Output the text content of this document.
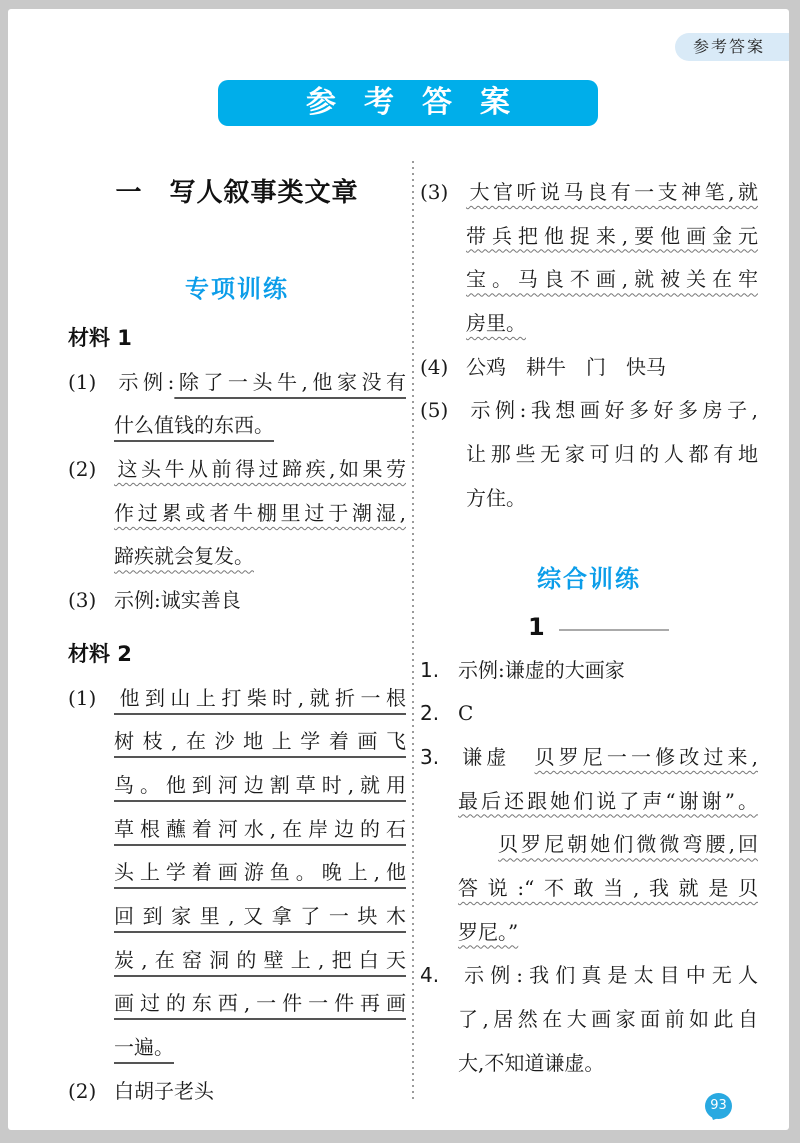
参考答案
参考答案
一　写人叙事类文章
专项训练
材料 1
(1) 示例:除了一头牛,他家没有
什么值钱的东西。
(2) 这头牛从前得过蹄疾,如果劳
作过累或者牛棚里过于潮湿,
蹄疾就会复发。
(3) 示例:诚实善良
材料 2
(1) 他到山上打柴时,就折一根
树枝,在沙地上学着画飞
鸟。他到河边割草时,就用
草根蘸着河水,在岸边的石
头上学着画游鱼。晚上,他
回到家里,又拿了一块木
炭,在窑洞的壁上,把白天
画过的东西,一件一件再画
一遍。
(2) 白胡子老头
(3) 大官听说马良有一支神笔,就
带兵把他捉来,要他画金元
宝。马良不画,就被关在牢
房里。
(4) 公鸡　耕牛　门　快马
(5) 示例:我想画好多好多房子,
让那些无家可归的人都有地
方住。
综合训练
1
1. 示例:谦虚的大画家
2. C
3. 谦虚　贝罗尼一一修改过来,
最后还跟她们说了声“谢谢”。
贝罗尼朝她们微微弯腰,回
答说:“不敢当,我就是贝
罗尼。”
4. 示例:我们真是太目中无人
了,居然在大画家面前如此自
大,不知道谦虚。
93
